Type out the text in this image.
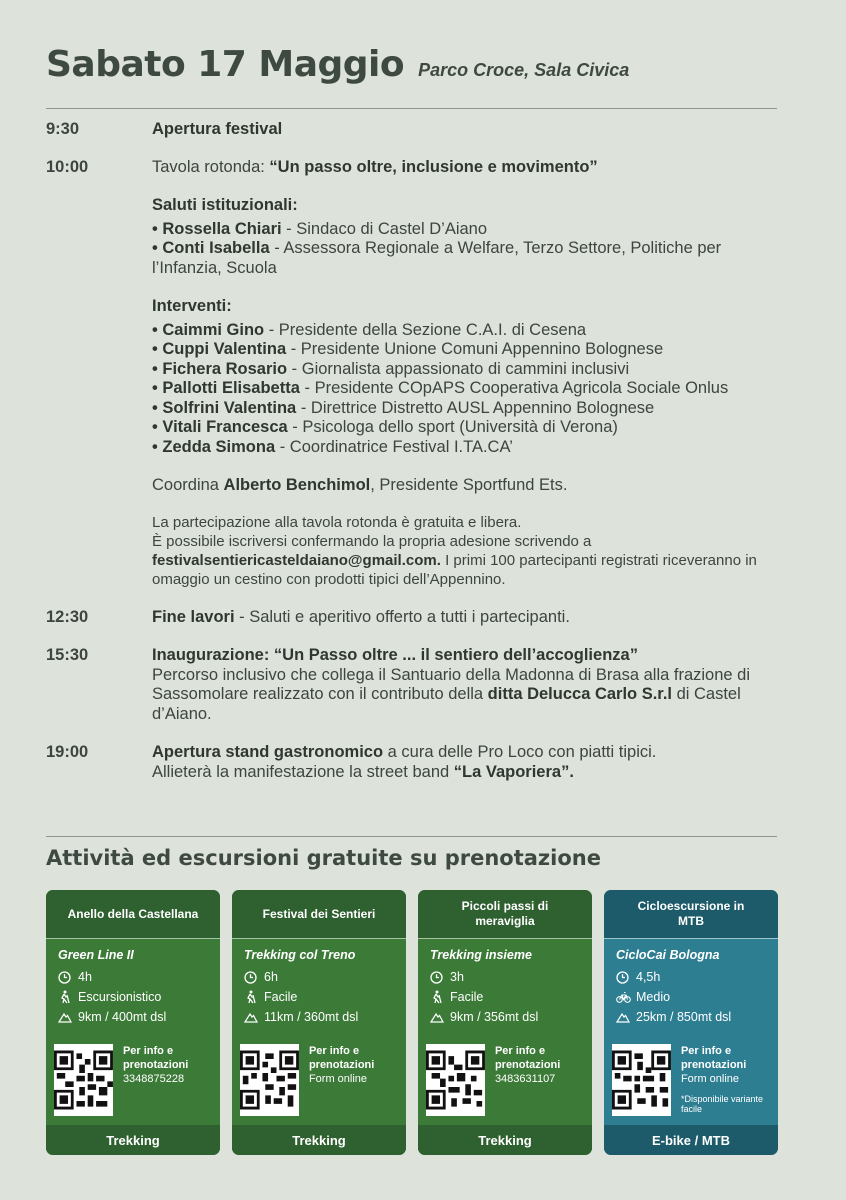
Sabato 17 Maggio Parco Croce, Sala Civica
9:30	Apertura festival
10:00	Tavola rotonda: “Un passo oltre, inclusione e movimento”
Saluti istituzionali:
• Rossella Chiari - Sindaco di Castel D’Aiano
• Conti Isabella - Assessora Regionale a Welfare, Terzo Settore, Politiche per l’Infanzia, Scuola
Interventi:
• Caimmi Gino - Presidente della Sezione C.A.I. di Cesena
• Cuppi Valentina - Presidente Unione Comuni Appennino Bolognese
• Fichera Rosario - Giornalista appassionato di cammini inclusivi
• Pallotti Elisabetta - Presidente COpAPS Cooperativa Agricola Sociale Onlus
• Solfrini Valentina - Direttrice Distretto AUSL Appennino Bolognese
• Vitali Francesca - Psicologa dello sport (Università di Verona)
• Zedda Simona - Coordinatrice Festival I.TA.CA’
Coordina Alberto Benchimol, Presidente Sportfund Ets.
La partecipazione alla tavola rotonda è gratuita e libera.
È possibile iscriversi confermando la propria adesione scrivendo a
festivalsentiericasteldaiano@gmail.com. I primi 100 partecipanti registrati riceveranno in omaggio un cestino con prodotti tipici dell’Appennino.
12:30	Fine lavori - Saluti e aperitivo offerto a tutti i partecipanti.
15:30	Inaugurazione: “Un Passo oltre ... il sentiero dell’accoglienza”
Percorso inclusivo che collega il Santuario della Madonna di Brasa alla frazione di Sassomolare realizzato con il contributo della ditta Delucca Carlo S.r.l di Castel d’Aiano.
19:00	Apertura stand gastronomico a cura delle Pro Loco con piatti tipici.
Allieterà la manifestazione la street band “La Vaporiera”.
Attività ed escursioni gratuite su prenotazione
Anello della Castellana
Green Line II
4h
Escursionistico
9km / 400mt dsl
Per info e prenotazioni
3348875228
Trekking
Festival dei Sentieri
Trekking col Treno
6h
Facile
11km / 360mt dsl
Per info e prenotazioni
Form online
Trekking
Piccoli passi di meraviglia
Trekking insieme
3h
Facile
9km / 356mt dsl
Per info e prenotazioni
3483631107
Trekking
Cicloescursione in MTB
CicloCai Bologna
4,5h
Medio
25km / 850mt dsl
Per info e prenotazioni
Form online
*Disponibile variante facile
E-bike / MTB
